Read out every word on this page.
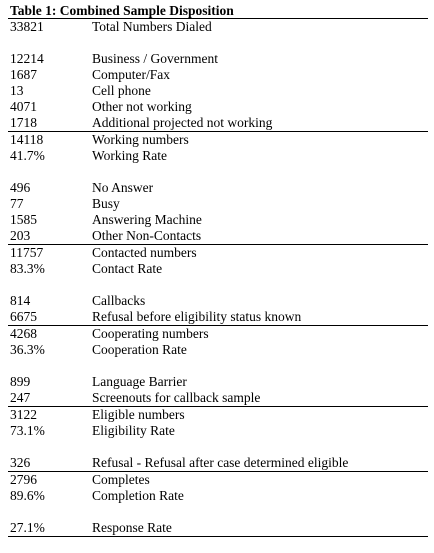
Table 1: Combined Sample Disposition
33821	Total Numbers Dialed
12214	Business / Government
1687	Computer/Fax
13	Cell phone
4071	Other not working
1718	Additional projected not working
14118	Working numbers
41.7%	Working Rate
496	No Answer
77	Busy
1585	Answering Machine
203	Other Non-Contacts
11757	Contacted numbers
83.3%	Contact Rate
814	Callbacks
6675	Refusal before eligibility status known
4268	Cooperating numbers
36.3%	Cooperation Rate
899	Language Barrier
247	Screenouts for callback sample
3122	Eligible numbers
73.1%	Eligibility Rate
326	Refusal - Refusal after case determined eligible
2796	Completes
89.6%	Completion Rate
27.1%	Response Rate
